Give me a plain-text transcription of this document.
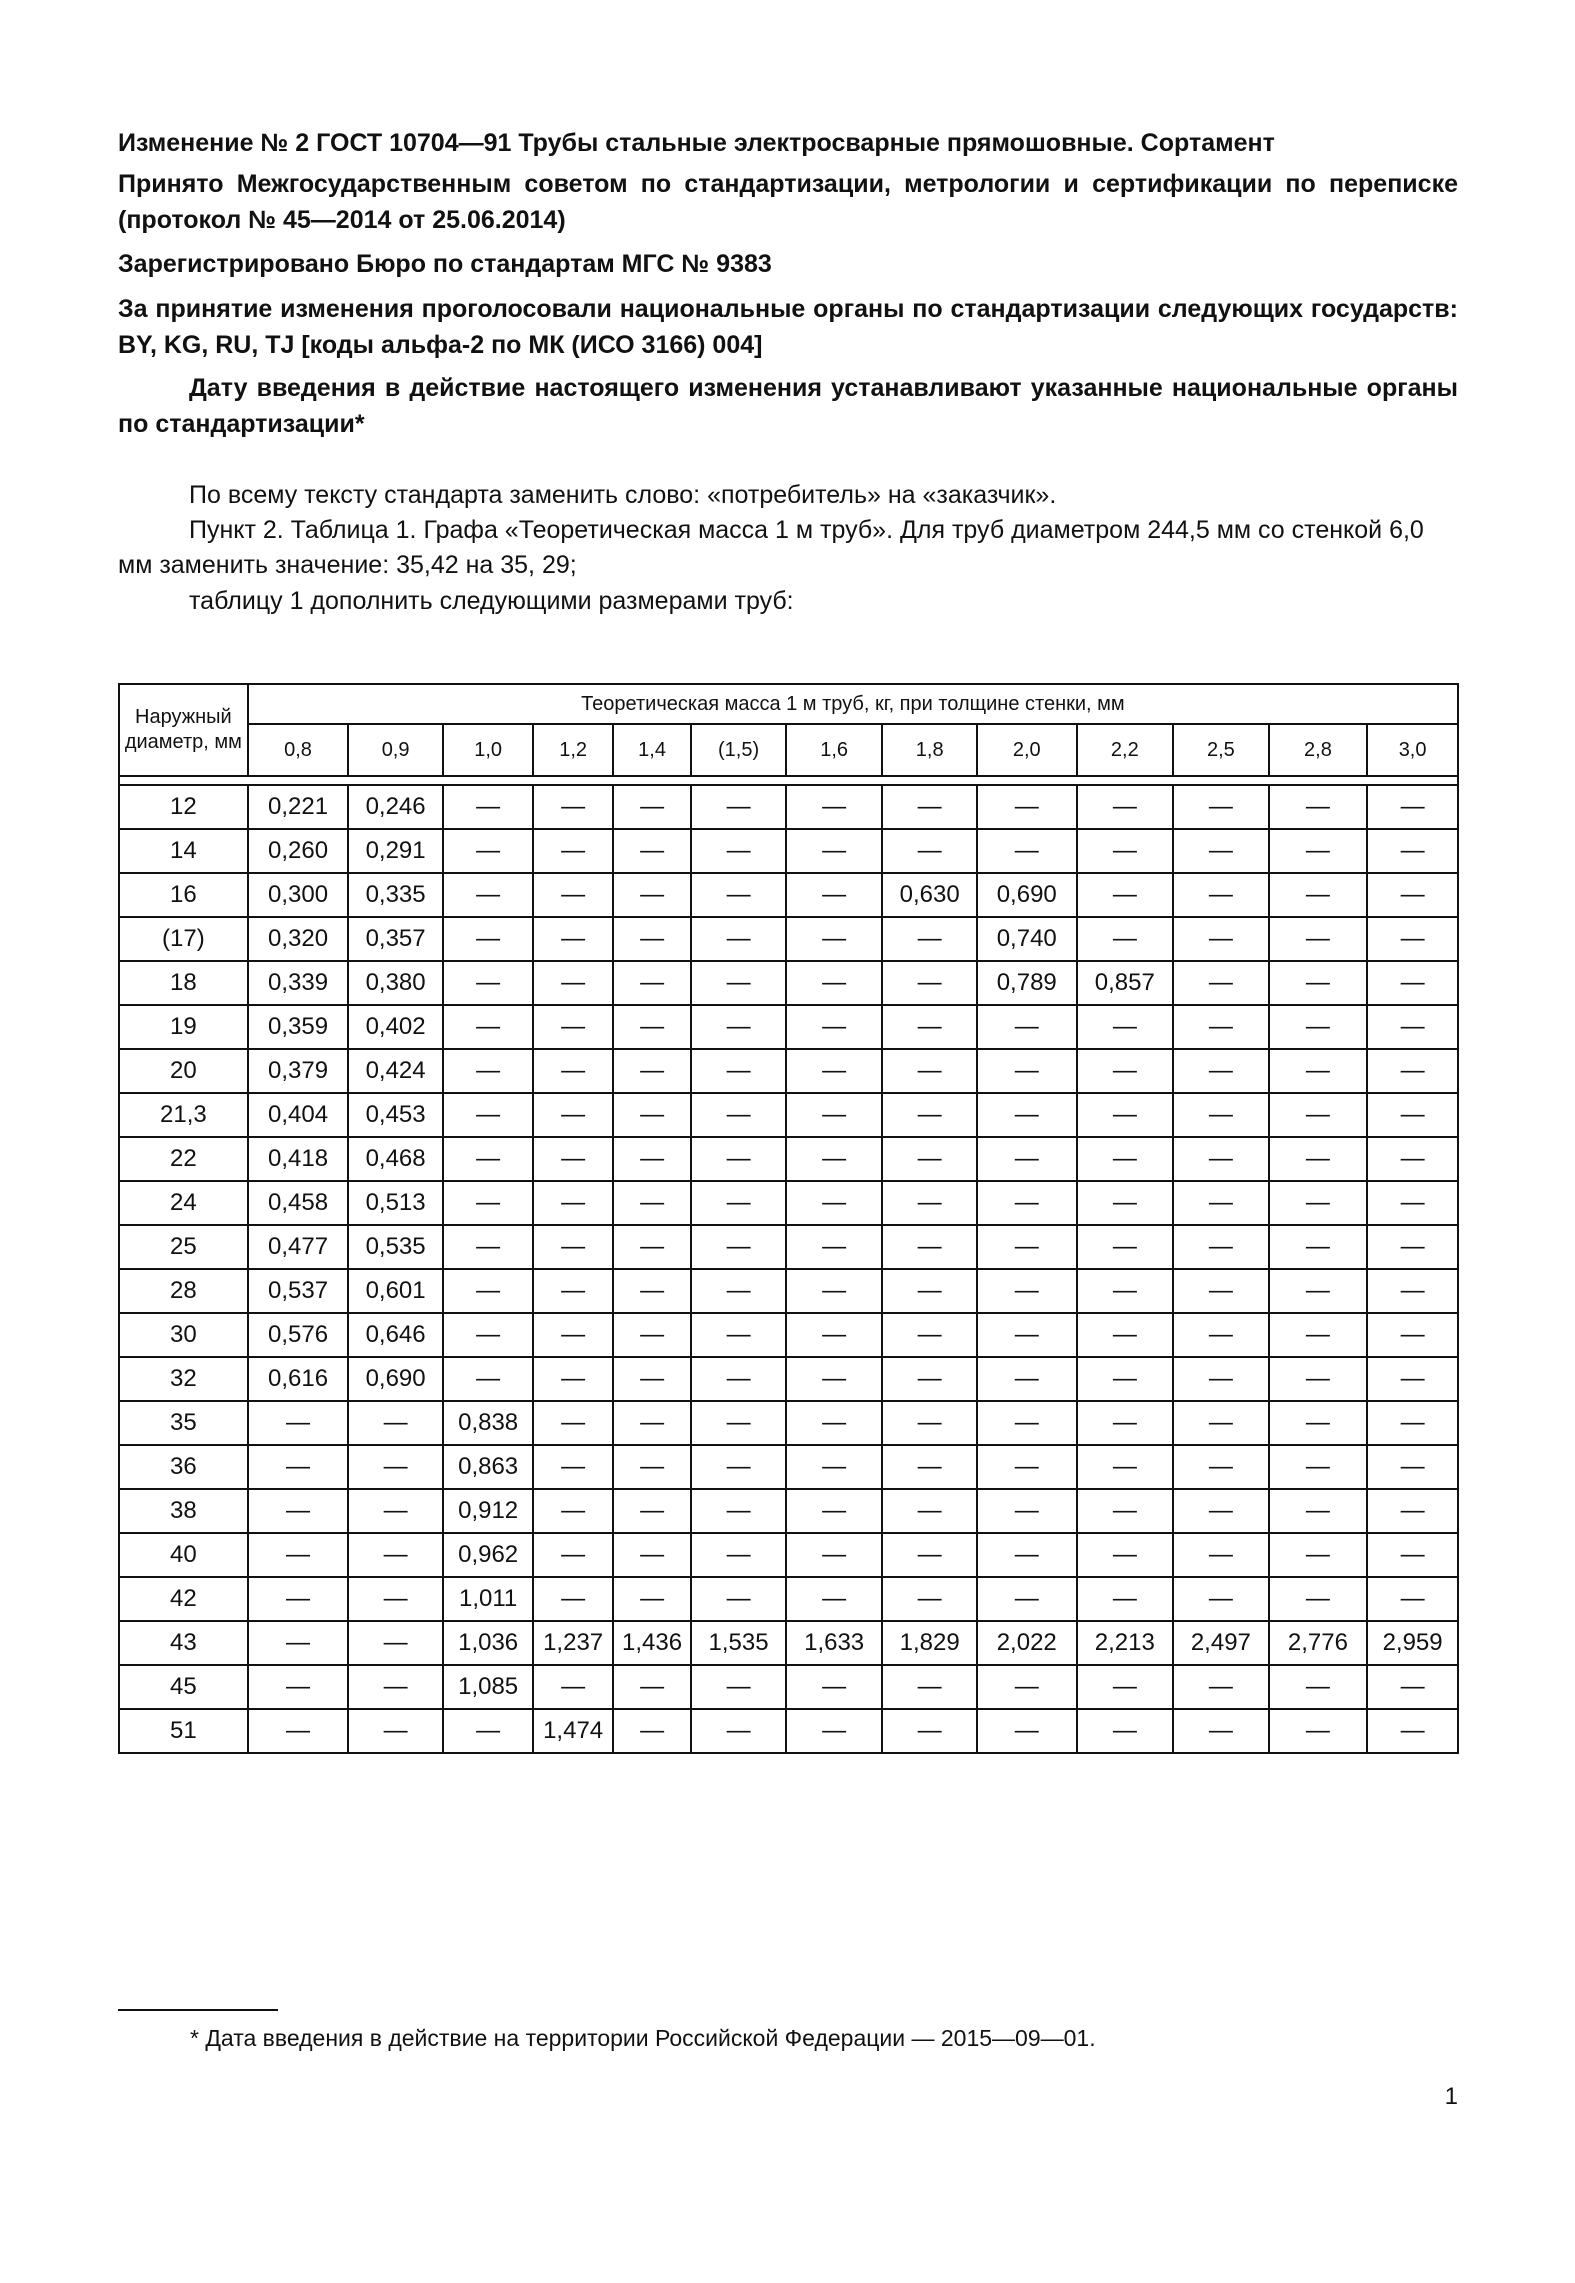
Изменение № 2 ГОСТ 10704—91 Трубы стальные электросварные прямошовные. Сортамент
Принято Межгосударственным советом по стандартизации, метрологии и сертификации по переписке (протокол № 45—2014 от 25.06.2014)
Зарегистрировано Бюро по стандартам МГС № 9383
За принятие изменения проголосовали национальные органы по стандартизации следующих государств: BY, KG, RU, TJ [коды альфа-2 по МК (ИСО 3166) 004]
Дату введения в действие настоящего изменения устанавливают указанные национальные органы по стандартизации*
По всему тексту стандарта заменить слово: «потребитель» на «заказчик».
Пункт 2. Таблица 1. Графа «Теоретическая масса 1 м труб». Для труб диаметром 244,5 мм со стенкой 6,0 мм заменить значение: 35,42 на 35, 29;
таблицу 1 дополнить следующими размерами труб:
Наружный диаметр, мм	Теоретическая масса 1 м труб, кг, при толщине стенки, мм												
	0,8	0,9	1,0	1,2	1,4	(1,5)	1,6	1,8	2,0	2,2	2,5	2,8	3,0

12	0,221	0,246	—	—	—	—	—	—	—	—	—	—	—
14	0,260	0,291	—	—	—	—	—	—	—	—	—	—	—
16	0,300	0,335	—	—	—	—	—	0,630	0,690	—	—	—	—
(17)	0,320	0,357	—	—	—	—	—	—	0,740	—	—	—	—
18	0,339	0,380	—	—	—	—	—	—	0,789	0,857	—	—	—
19	0,359	0,402	—	—	—	—	—	—	—	—	—	—	—
20	0,379	0,424	—	—	—	—	—	—	—	—	—	—	—
21,3	0,404	0,453	—	—	—	—	—	—	—	—	—	—	—
22	0,418	0,468	—	—	—	—	—	—	—	—	—	—	—
24	0,458	0,513	—	—	—	—	—	—	—	—	—	—	—
25	0,477	0,535	—	—	—	—	—	—	—	—	—	—	—
28	0,537	0,601	—	—	—	—	—	—	—	—	—	—	—
30	0,576	0,646	—	—	—	—	—	—	—	—	—	—	—
32	0,616	0,690	—	—	—	—	—	—	—	—	—	—	—
35	—	—	0,838	—	—	—	—	—	—	—	—	—	—
36	—	—	0,863	—	—	—	—	—	—	—	—	—	—
38	—	—	0,912	—	—	—	—	—	—	—	—	—	—
40	—	—	0,962	—	—	—	—	—	—	—	—	—	—
42	—	—	1,011	—	—	—	—	—	—	—	—	—	—
43	—	—	1,036	1,237	1,436	1,535	1,633	1,829	2,022	2,213	2,497	2,776	2,959
45	—	—	1,085	—	—	—	—	—	—	—	—	—	—
51	—	—	—	1,474	—	—	—	—	—	—	—	—	—
* Дата введения в действие на территории Российской Федерации — 2015—09—01.
1
